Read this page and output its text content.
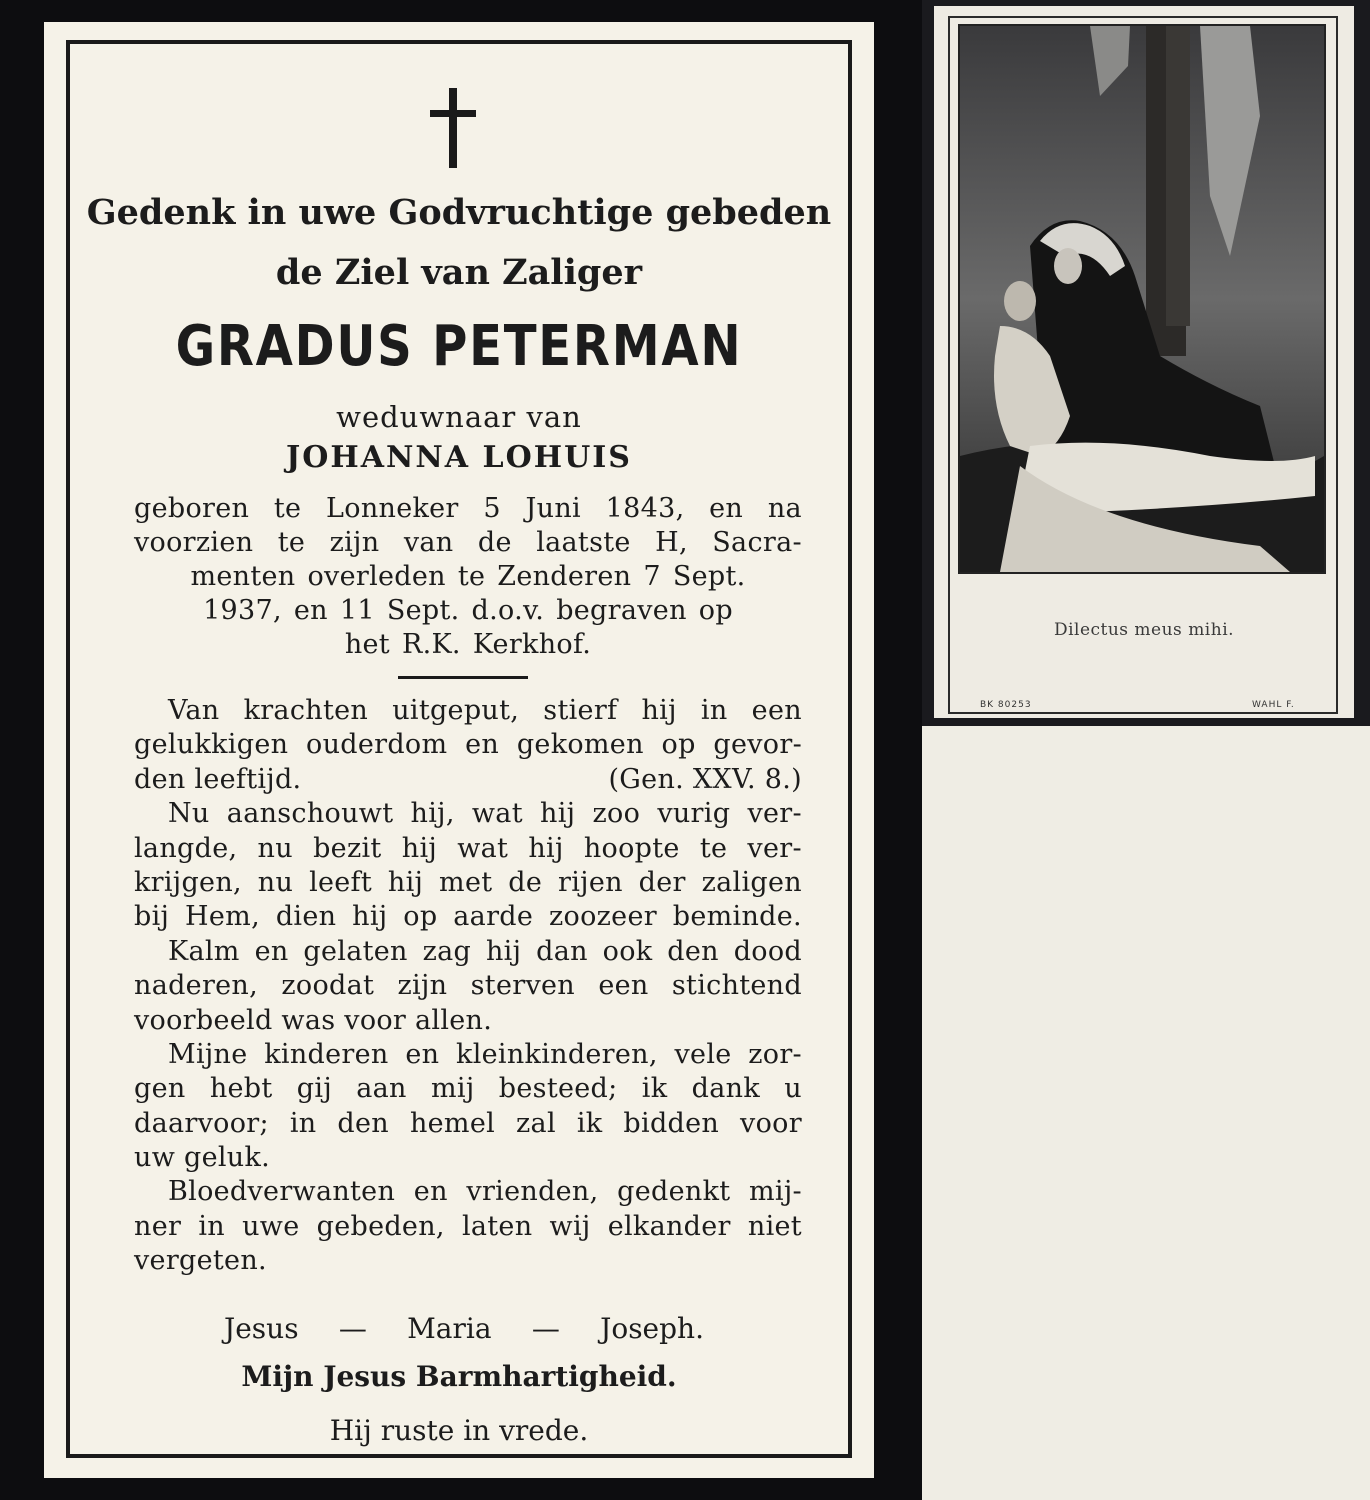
Gedenk in uwe Godvruchtige gebeden
de Ziel van Zaliger
GRADUS PETERMAN
weduwnaar van
JOHANNA LOHUIS
geboren te Lonneker 5 Juni 1843, en na
voorzien te zijn van de laatste H, Sacra-
menten overleden te Zenderen 7 Sept.
1937, en 11 Sept. d.o.v. begraven op
het R.K. Kerkhof.
Van krachten uitgeput, stierf hij in een
gelukkigen ouderdom en gekomen op gevor-
den leeftijd.	(Gen. XXV. 8.)
Nu aanschouwt hij, wat hij zoo vurig ver-
langde, nu bezit hij wat hij hoopte te ver-
krijgen, nu leeft hij met de rijen der zaligen
bij Hem, dien hij op aarde zoozeer beminde.
Kalm en gelaten zag hij dan ook den dood
naderen, zoodat zijn sterven een stichtend
voorbeeld was voor allen.
Mijne kinderen en kleinkinderen, vele zor-
gen hebt gij aan mij besteed; ik dank u
daarvoor; in den hemel zal ik bidden voor
uw geluk.
Bloedverwanten en vrienden, gedenkt mij-
ner in uwe gebeden, laten wij elkander niet
vergeten.
Jesus — Maria — Joseph.
Mijn Jesus Barmhartigheid.
Hij ruste in vrede.
Dilectus meus mihi.
BK 80253	WAHL F.
